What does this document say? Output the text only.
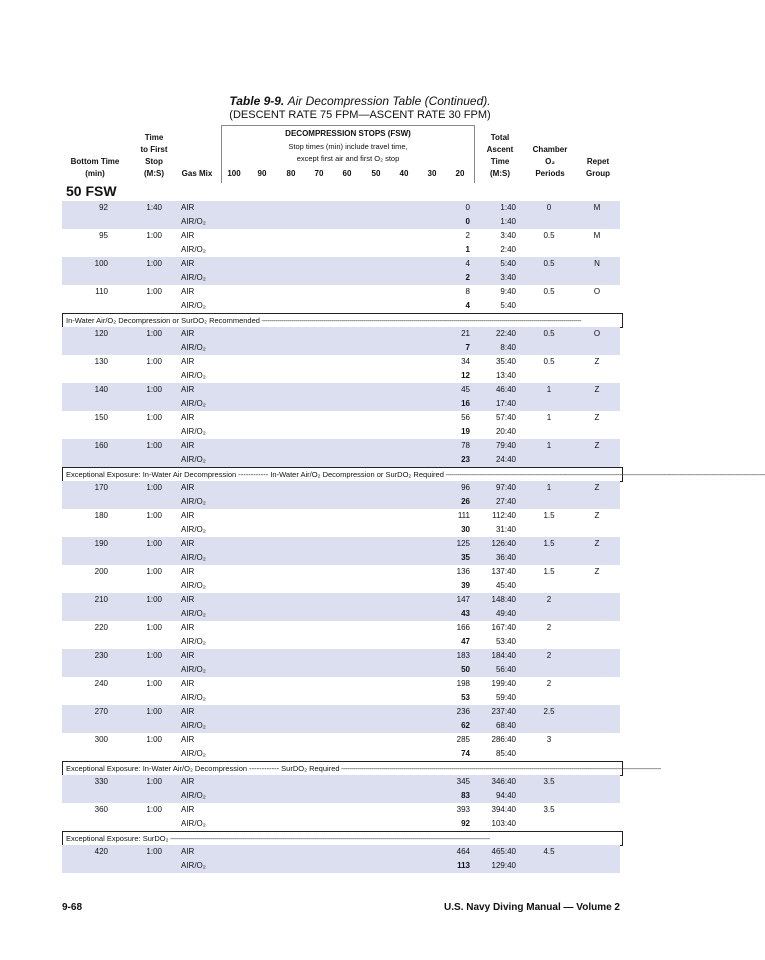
Table 9-9. Air Decompression Table (Continued).
(DESCENT RATE 75 FPM—ASCENT RATE 30 FPM)
Bottom Time
(min)
Time
to First
Stop
(M:S)	Gas Mix
DECOMPRESSION STOPS (FSW)
Stop times (min) include travel time,
except first air and first O₂ stop
100	90	80	70	60	50	40	30	20
Total
Ascent
Time
(M:S)
Chamber
O₂
Periods
Repet
Group
50 FSW
92	1:40 AIR	0	1:40	0	M
AIR/O₂	0	1:40
95	1:00 AIR	2	3:40	0.5	M
AIR/O₂	1	2:40
100	1:00 AIR	4	5:40	0.5	N
AIR/O₂	2	3:40
110	1:00 AIR	8	9:40	0.5	O
AIR/O₂	4	5:40
In-Water Air/O₂ Decompression or SurDO₂ Recommended ----------------------------------------------------------------------------------------------------------------------------------------------------------------
120	1:00 AIR	21	22:40	0.5	O
AIR/O₂	7	8:40
130	1:00 AIR	34	35:40	0.5	Z
AIR/O₂	12	13:40
140	1:00 AIR	45	46:40	1	Z
AIR/O₂	16	17:40
150	1:00 AIR	56	57:40	1	Z
AIR/O₂	19	20:40
160	1:00 AIR	78	79:40	1	Z
AIR/O₂	23	24:40
Exceptional Exposure: In-Water Air Decompression ------------ In-Water Air/O₂ Decompression or SurDO₂ Required ----------------------------------------------------------------------------------------------------------------------------------------------------------------
170	1:00 AIR	96	97:40	1	Z
AIR/O₂	26	27:40
180	1:00 AIR	111	112:40	1.5	Z
AIR/O₂	30	31:40
190	1:00 AIR	125	126:40	1.5	Z
AIR/O₂	35	36:40
200	1:00 AIR	136	137:40	1.5	Z
AIR/O₂	39	45:40
210	1:00 AIR	147	148:40	2
AIR/O₂	43	49:40
220	1:00 AIR	166	167:40	2
AIR/O₂	47	53:40
230	1:00 AIR	183	184:40	2
AIR/O₂	50	56:40
240	1:00 AIR	198	199:40	2
AIR/O₂	53	59:40
270	1:00 AIR	236	237:40	2.5
AIR/O₂	62	68:40
300	1:00 AIR	285	286:40	3
AIR/O₂	74	85:40
Exceptional Exposure: In-Water Air/O₂ Decompression ------------ SurDO₂ Required ----------------------------------------------------------------------------------------------------------------------------------------------------------------
330	1:00 AIR	345	346:40	3.5
AIR/O₂	83	94:40
360	1:00 AIR	393	394:40	3.5
AIR/O₂	92	103:40
Exceptional Exposure: SurDO₂ ----------------------------------------------------------------------------------------------------------------------------------------------------------------
420	1:00 AIR	464	465:40	4.5
AIR/O₂	113	129:40
9-68	U.S. Navy Diving Manual — Volume 2
